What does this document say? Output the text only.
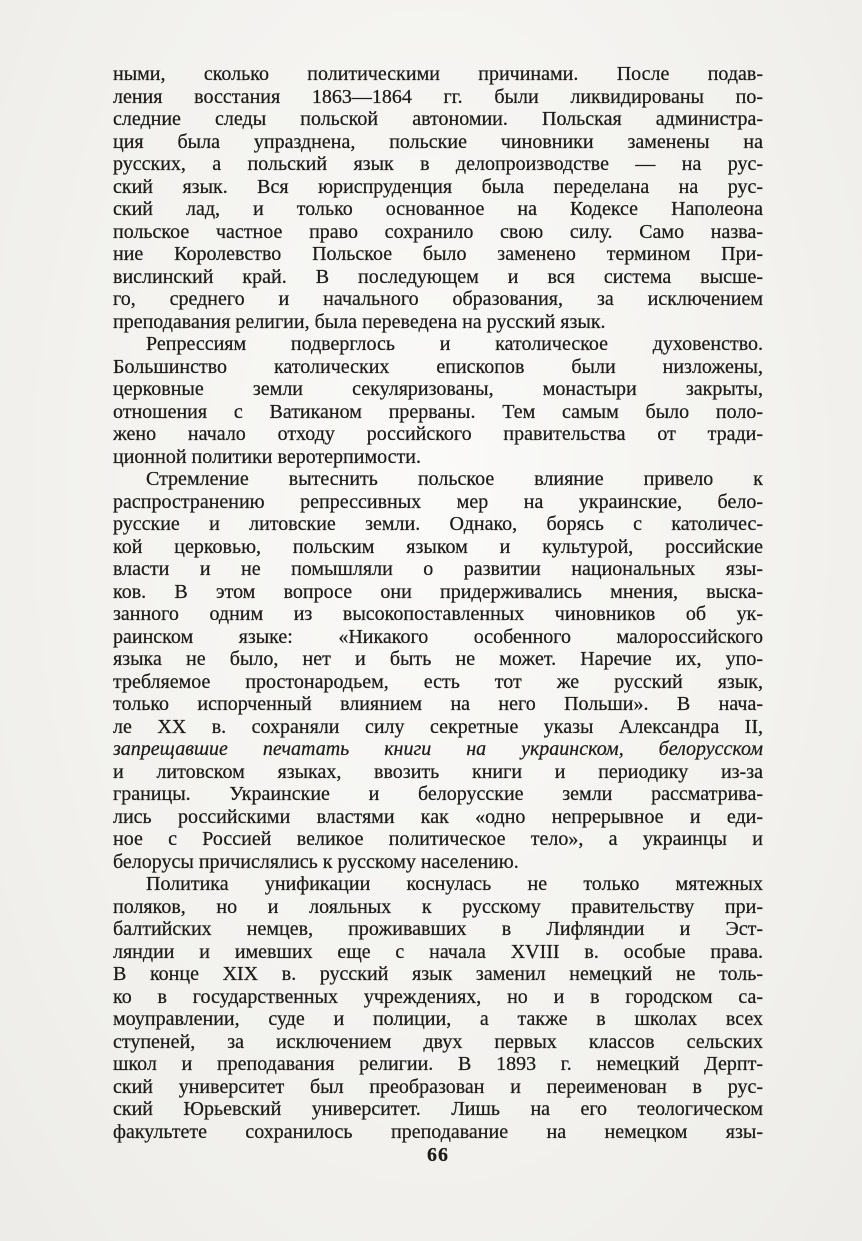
ными, сколько политическими причинами. После подав-
ления восстания 1863—1864 гг. были ликвидированы по-
следние следы польской автономии. Польская администра-
ция была упразднена, польские чиновники заменены на
русских, а польский язык в делопроизводстве — на рус-
ский язык. Вся юриспруденция была переделана на рус-
ский лад, и только основанное на Кодексе Наполеона
польское частное право сохранило свою силу. Само назва-
ние Королевство Польское было заменено термином При-
вислинский край. В последующем и вся система высше-
го, среднего и начального образования, за исключением
преподавания религии, была переведена на русский язык.
Репрессиям подверглось и католическое духовенство.
Большинство католических епископов были низложены,
церковные земли секуляризованы, монастыри закрыты,
отношения с Ватиканом прерваны. Тем самым было поло-
жено начало отходу российского правительства от тради-
ционной политики веротерпимости.
Стремление вытеснить польское влияние привело к
распространению репрессивных мер на украинские, бело-
русские и литовские земли. Однако, борясь с католичес-
кой церковью, польским языком и культурой, российские
власти и не помышляли о развитии национальных язы-
ков. В этом вопросе они придерживались мнения, выска-
занного одним из высокопоставленных чиновников об ук-
раинском языке: «Никакого особенного малороссийского
языка не было, нет и быть не может. Наречие их, упо-
требляемое простонародьем, есть тот же русский язык,
только испорченный влиянием на него Польши». В нача-
ле XX в. сохраняли силу секретные указы Александра II,
запрещавшие печатать книги на украинском, белорусском
и литовском языках, ввозить книги и периодику из-за
границы. Украинские и белорусские земли рассматрива-
лись российскими властями как «одно непрерывное и еди-
ное с Россией великое политическое тело», а украинцы и
белорусы причислялись к русскому населению.
Политика унификации коснулась не только мятежных
поляков, но и лояльных к русскому правительству при-
балтийских немцев, проживавших в Лифляндии и Эст-
ляндии и имевших еще с начала XVIII в. особые права.
В конце XIX в. русский язык заменил немецкий не толь-
ко в государственных учреждениях, но и в городском са-
моуправлении, суде и полиции, а также в школах всех
ступеней, за исключением двух первых классов сельских
школ и преподавания религии. В 1893 г. немецкий Дерпт-
ский университет был преобразован и переименован в рус-
ский Юрьевский университет. Лишь на его теологическом
факультете сохранилось преподавание на немецком язы-
66
